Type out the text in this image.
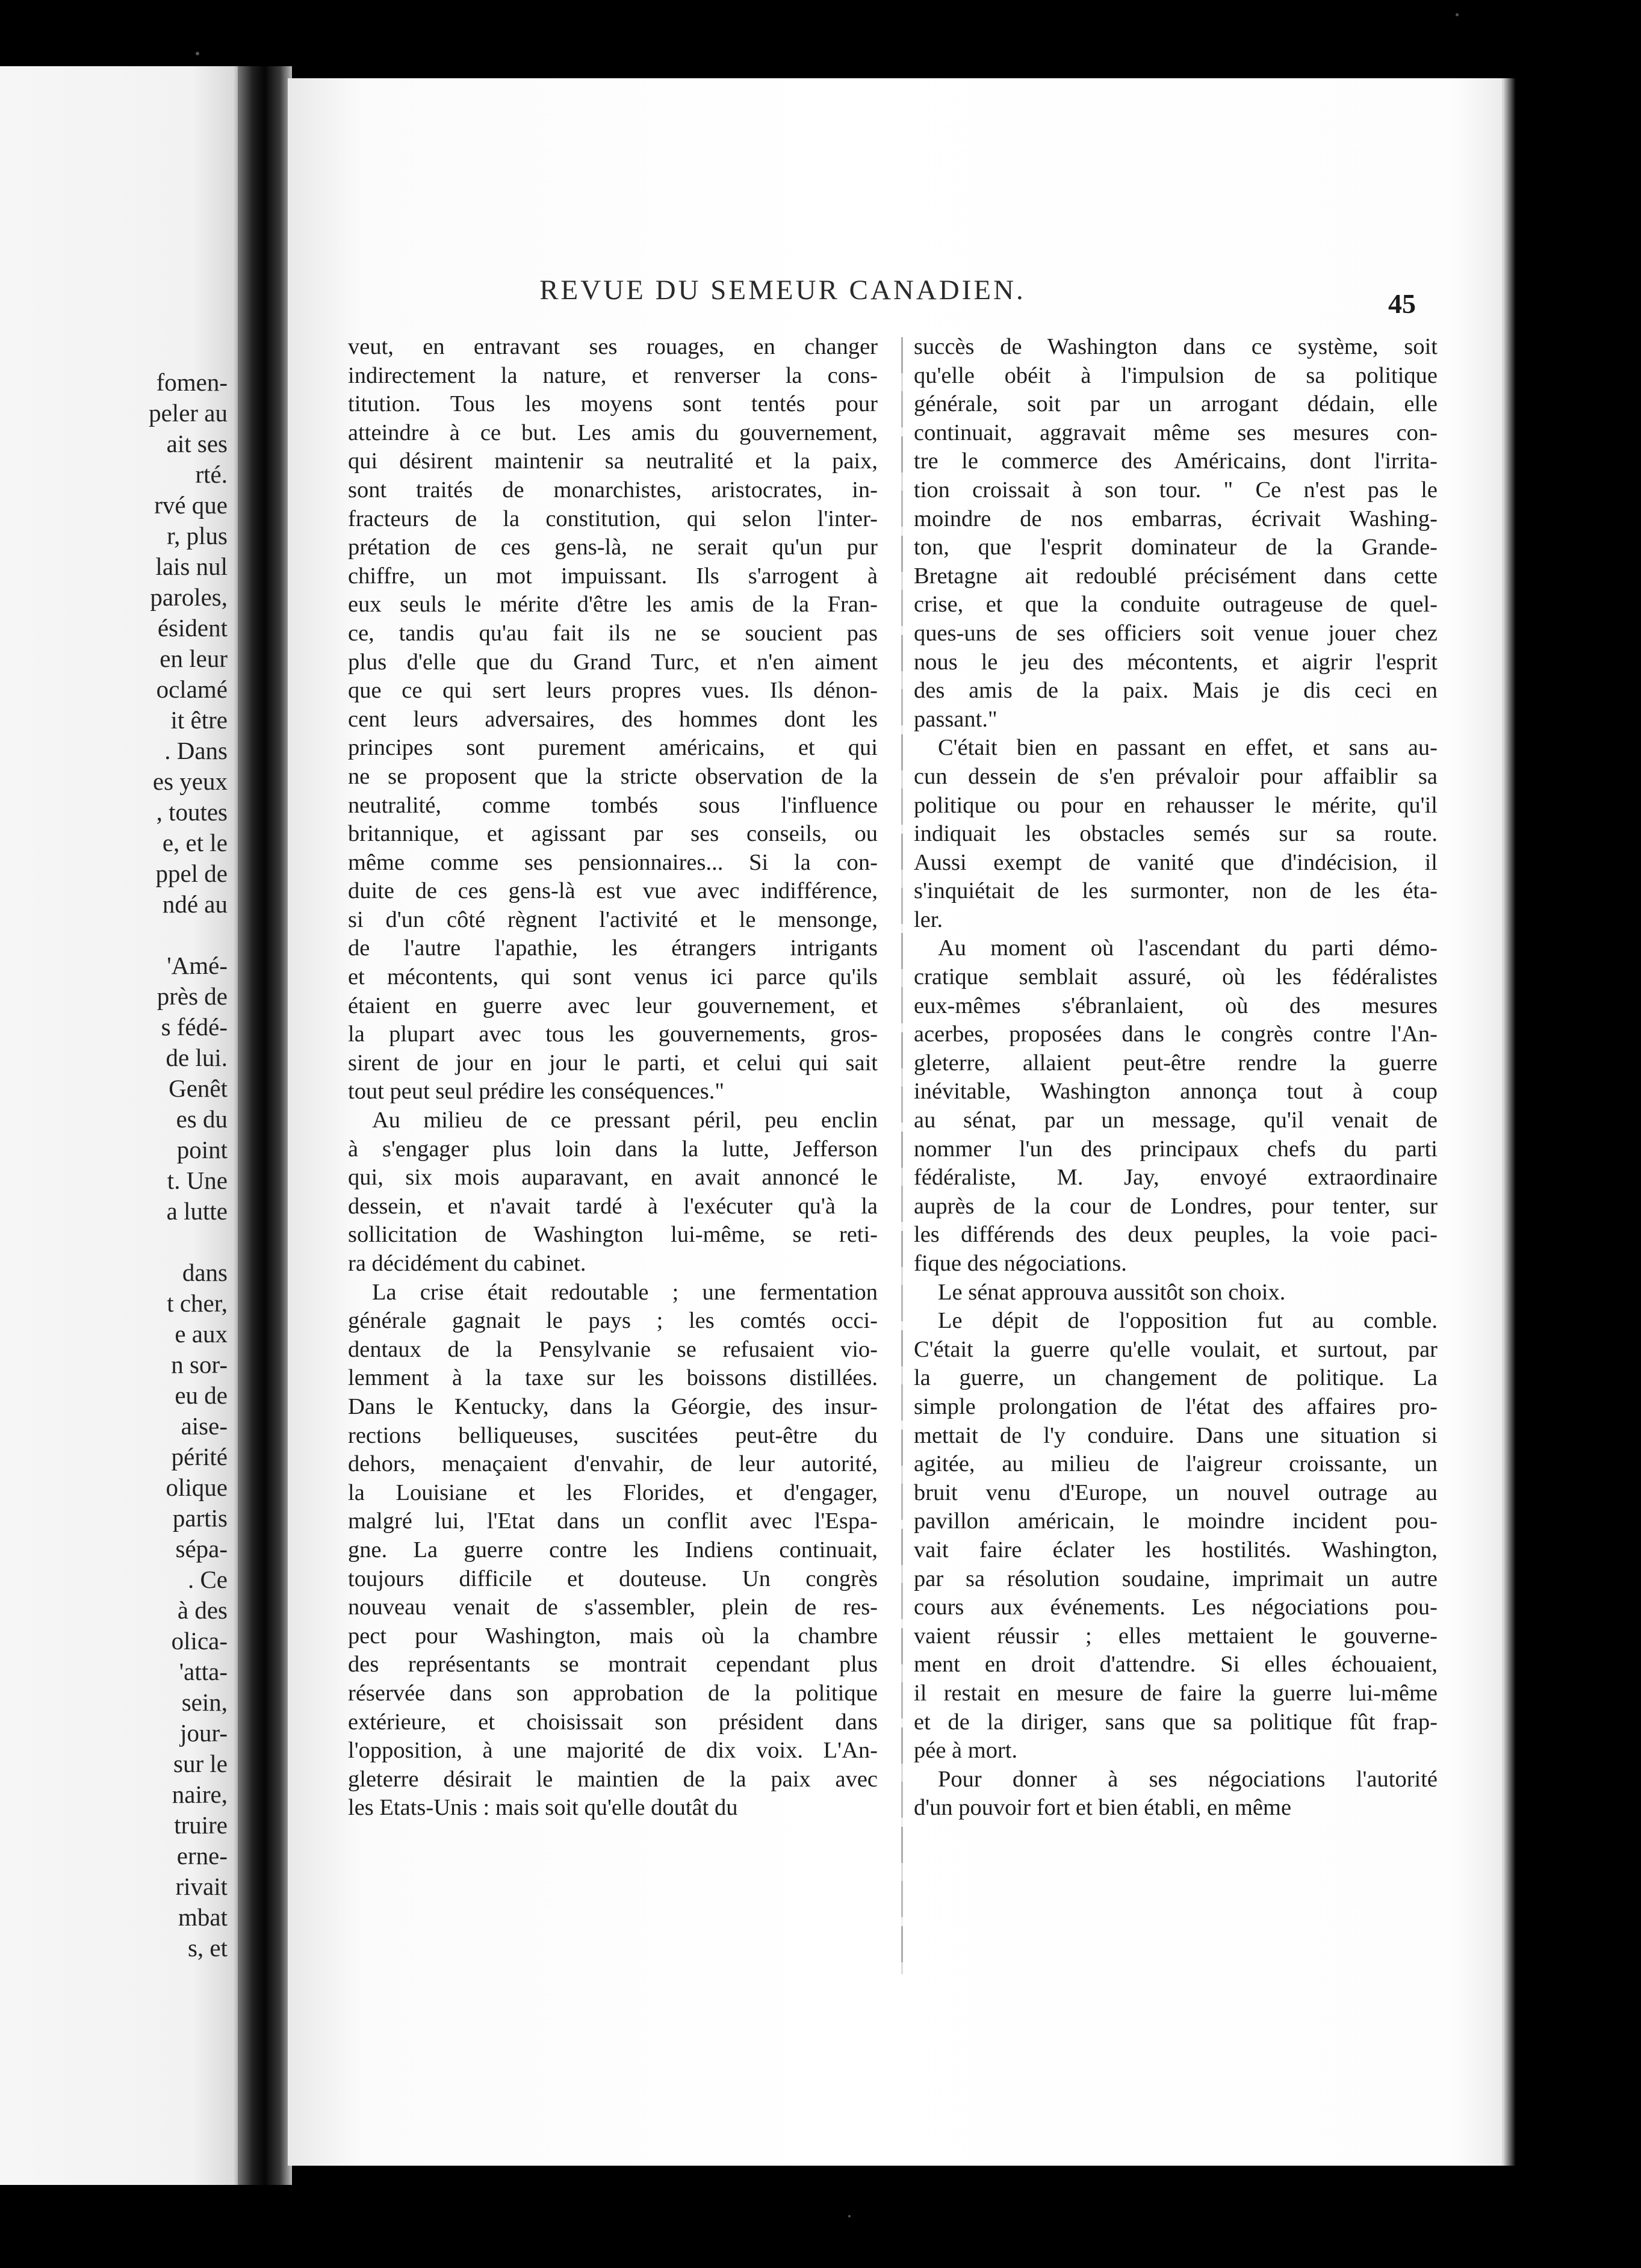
fomen-
peler au
ait ses
rté.
rvé que
r, plus
lais nul
paroles,
ésident
en leur
oclamé
it être
. Dans
es yeux
, toutes
e, et le
ppel de
ndé au
'Amé-
près de
s fédé-
de lui.
Genêt
es du
point
t. Une
a lutte
dans
t cher,
e aux
n sor-
eu de
aise-
périté
olique
partis
sépa-
. Ce
à des
olica-
'atta-
sein,
jour-
sur le
naire,
truire
erne-
rivait
mbat
s, et
REVUE DU SEMEUR CANADIEN.	45
veut, en entravant ses rouages, en changer
indirectement la nature, et renverser la cons-
titution. Tous les moyens sont tentés pour
atteindre à ce but. Les amis du gouvernement,
qui désirent maintenir sa neutralité et la paix,
sont traités de monarchistes, aristocrates, in-
fracteurs de la constitution, qui selon l'inter-
prétation de ces gens-là, ne serait qu'un pur
chiffre, un mot impuissant. Ils s'arrogent à
eux seuls le mérite d'être les amis de la Fran-
ce, tandis qu'au fait ils ne se soucient pas
plus d'elle que du Grand Turc, et n'en aiment
que ce qui sert leurs propres vues. Ils dénon-
cent leurs adversaires, des hommes dont les
principes sont purement américains, et qui
ne se proposent que la stricte observation de la
neutralité, comme tombés sous l'influence
britannique, et agissant par ses conseils, ou
même comme ses pensionnaires... Si la con-
duite de ces gens-là est vue avec indifférence,
si d'un côté règnent l'activité et le mensonge,
de l'autre l'apathie, les étrangers intrigants
et mécontents, qui sont venus ici parce qu'ils
étaient en guerre avec leur gouvernement, et
la plupart avec tous les gouvernements, gros-
sirent de jour en jour le parti, et celui qui sait
tout peut seul prédire les conséquences."
Au milieu de ce pressant péril, peu enclin
à s'engager plus loin dans la lutte, Jefferson
qui, six mois auparavant, en avait annoncé le
dessein, et n'avait tardé à l'exécuter qu'à la
sollicitation de Washington lui-même, se reti-
ra décidément du cabinet.
La crise était redoutable ; une fermentation
générale gagnait le pays ; les comtés occi-
dentaux de la Pensylvanie se refusaient vio-
lemment à la taxe sur les boissons distillées.
Dans le Kentucky, dans la Géorgie, des insur-
rections belliqueuses, suscitées peut-être du
dehors, menaçaient d'envahir, de leur autorité,
la Louisiane et les Florides, et d'engager,
malgré lui, l'Etat dans un conflit avec l'Espa-
gne. La guerre contre les Indiens continuait,
toujours difficile et douteuse. Un congrès
nouveau venait de s'assembler, plein de res-
pect pour Washington, mais où la chambre
des représentants se montrait cependant plus
réservée dans son approbation de la politique
extérieure, et choisissait son président dans
l'opposition, à une majorité de dix voix. L'An-
gleterre désirait le maintien de la paix avec
les Etats-Unis : mais soit qu'elle doutât du
succès de Washington dans ce système, soit
qu'elle obéit à l'impulsion de sa politique
générale, soit par un arrogant dédain, elle
continuait, aggravait même ses mesures con-
tre le commerce des Américains, dont l'irrita-
tion croissait à son tour. " Ce n'est pas le
moindre de nos embarras, écrivait Washing-
ton, que l'esprit dominateur de la Grande-
Bretagne ait redoublé précisément dans cette
crise, et que la conduite outrageuse de quel-
ques-uns de ses officiers soit venue jouer chez
nous le jeu des mécontents, et aigrir l'esprit
des amis de la paix. Mais je dis ceci en
passant."
C'était bien en passant en effet, et sans au-
cun dessein de s'en prévaloir pour affaiblir sa
politique ou pour en rehausser le mérite, qu'il
indiquait les obstacles semés sur sa route.
Aussi exempt de vanité que d'indécision, il
s'inquiétait de les surmonter, non de les éta-
ler.
Au moment où l'ascendant du parti démo-
cratique semblait assuré, où les fédéralistes
eux-mêmes s'ébranlaient, où des mesures
acerbes, proposées dans le congrès contre l'An-
gleterre, allaient peut-être rendre la guerre
inévitable, Washington annonça tout à coup
au sénat, par un message, qu'il venait de
nommer l'un des principaux chefs du parti
fédéraliste, M. Jay, envoyé extraordinaire
auprès de la cour de Londres, pour tenter, sur
les différends des deux peuples, la voie paci-
fique des négociations.
Le sénat approuva aussitôt son choix.
Le dépit de l'opposition fut au comble.
C'était la guerre qu'elle voulait, et surtout, par
la guerre, un changement de politique. La
simple prolongation de l'état des affaires pro-
mettait de l'y conduire. Dans une situation si
agitée, au milieu de l'aigreur croissante, un
bruit venu d'Europe, un nouvel outrage au
pavillon américain, le moindre incident pou-
vait faire éclater les hostilités. Washington,
par sa résolution soudaine, imprimait un autre
cours aux événements. Les négociations pou-
vaient réussir ; elles mettaient le gouverne-
ment en droit d'attendre. Si elles échouaient,
il restait en mesure de faire la guerre lui-même
et de la diriger, sans que sa politique fût frap-
pée à mort.
Pour donner à ses négociations l'autorité
d'un pouvoir fort et bien établi, en même
